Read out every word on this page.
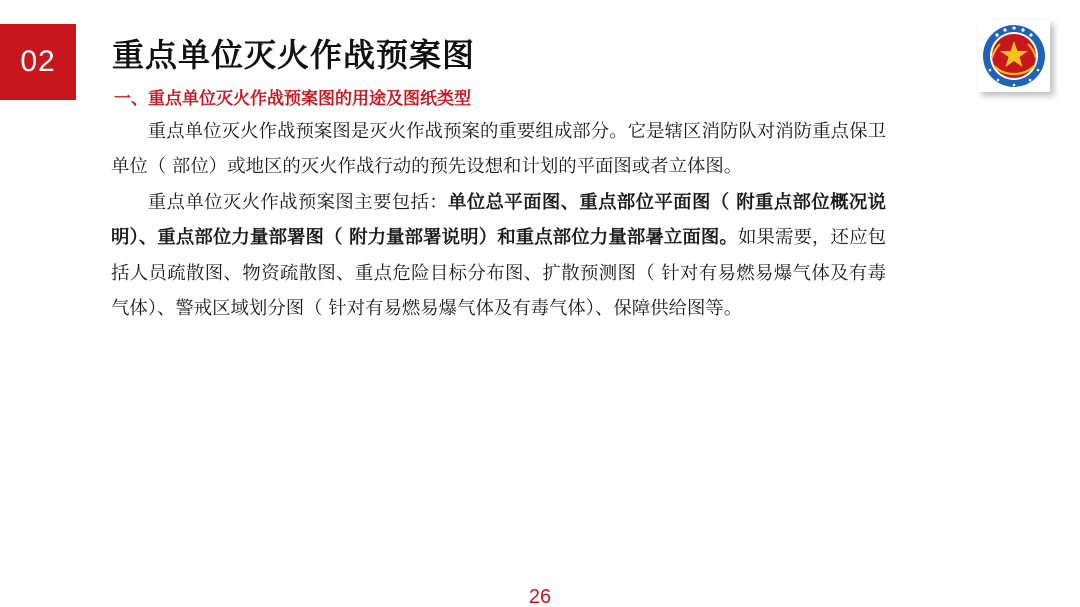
02	重点单位灭火作战预案图
一、重点单位灭火作战预案图的用途及图纸类型

重点单位灭火作战预案图是灭火作战预案的重要组成部分。它是辖区消防队对消防重点保卫单位（ 部位）或地区的灭火作战行动的预先设想和计划的平面图或者立体图。

重点单位灭火作战预案图主要包括：单位总平面图、重点部位平面图（ 附重点部位概况说明）、重点部位力量部署图（ 附力量部署说明）和重点部位力量部暑立面图。如果需要，还应包括人员疏散图、物资疏散图、重点危险目标分布图、扩散预测图（ 针对有易燃易爆气体及有毒气体）、警戒区域划分图（ 针对有易燃易爆气体及有毒气体）、保障供给图等。

26
